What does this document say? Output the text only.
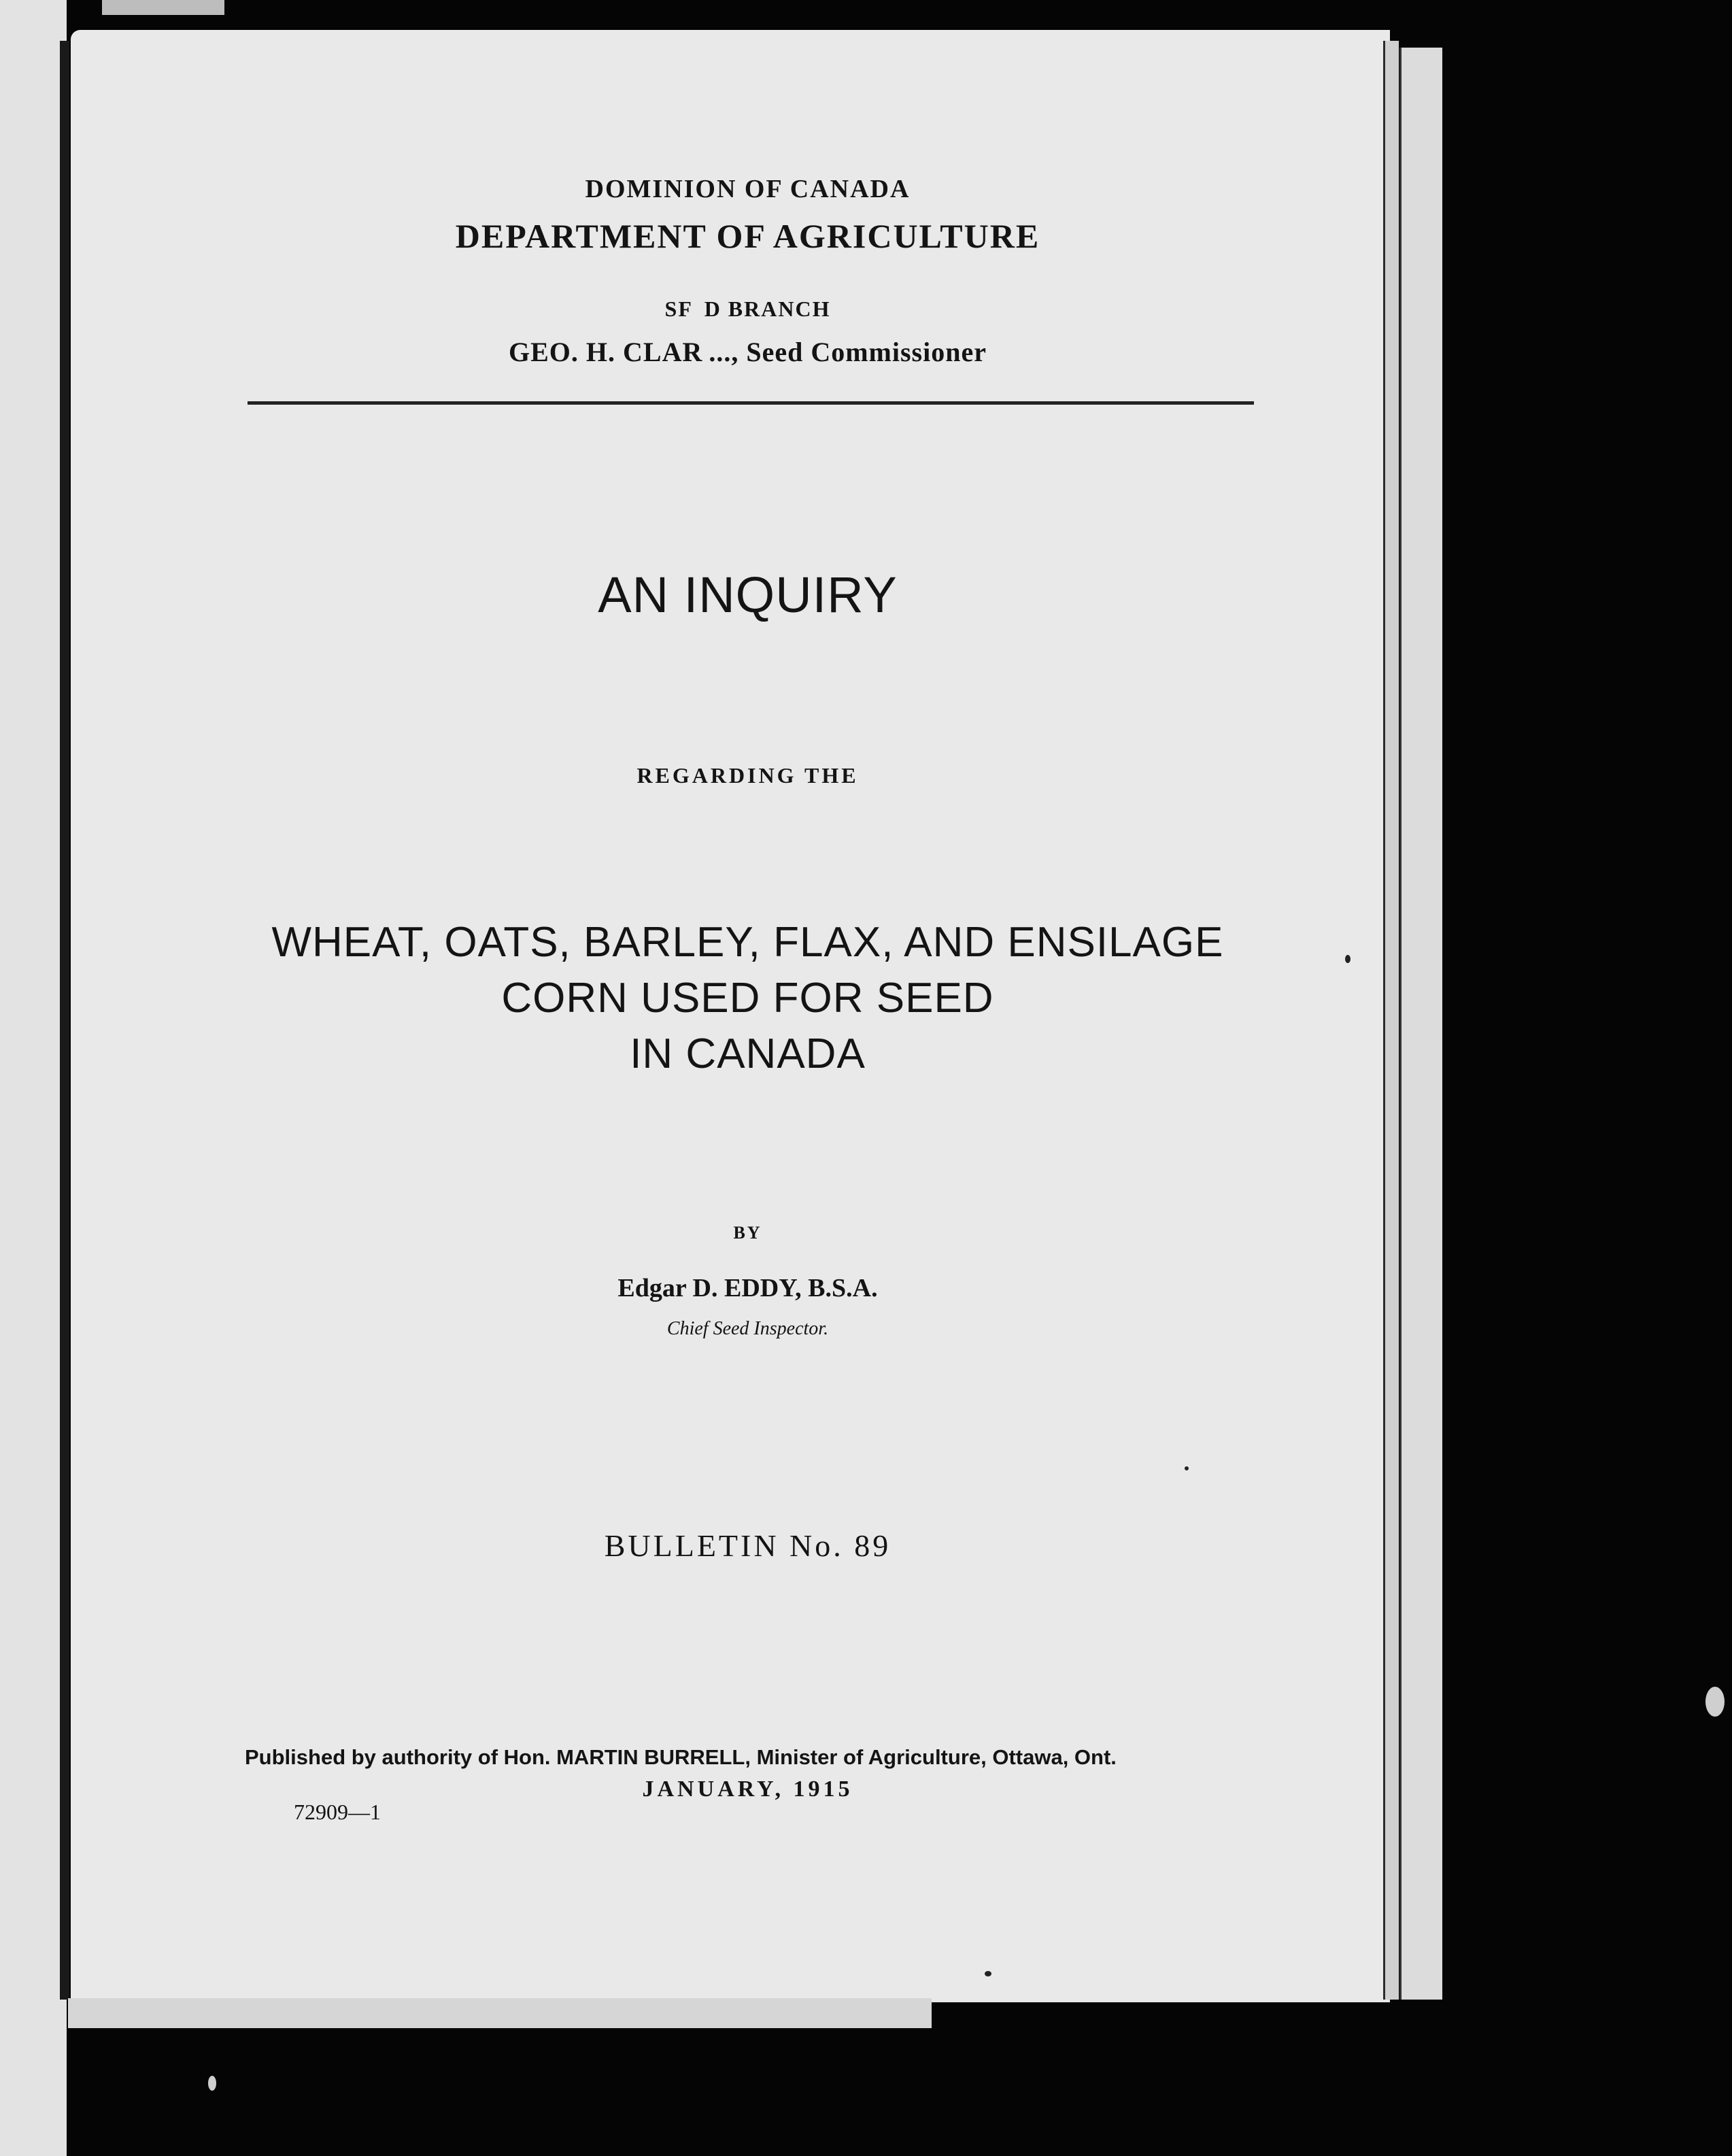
DOMINION OF CANADA
DEPARTMENT OF AGRICULTURE
SF  D BRANCH
GEO. H. CLAR ..., Seed Commissioner
AN INQUIRY
REGARDING THE
WHEAT, OATS, BARLEY, FLAX, AND ENSILAGE
CORN USED FOR SEED
IN CANADA
BY
Edgar D. EDDY, B.S.A.
Chief Seed Inspector.
BULLETIN No. 89
Published by authority of Hon. MARTIN BURRELL, Minister of Agriculture, Ottawa, Ont.
JANUARY, 1915
72909—1
